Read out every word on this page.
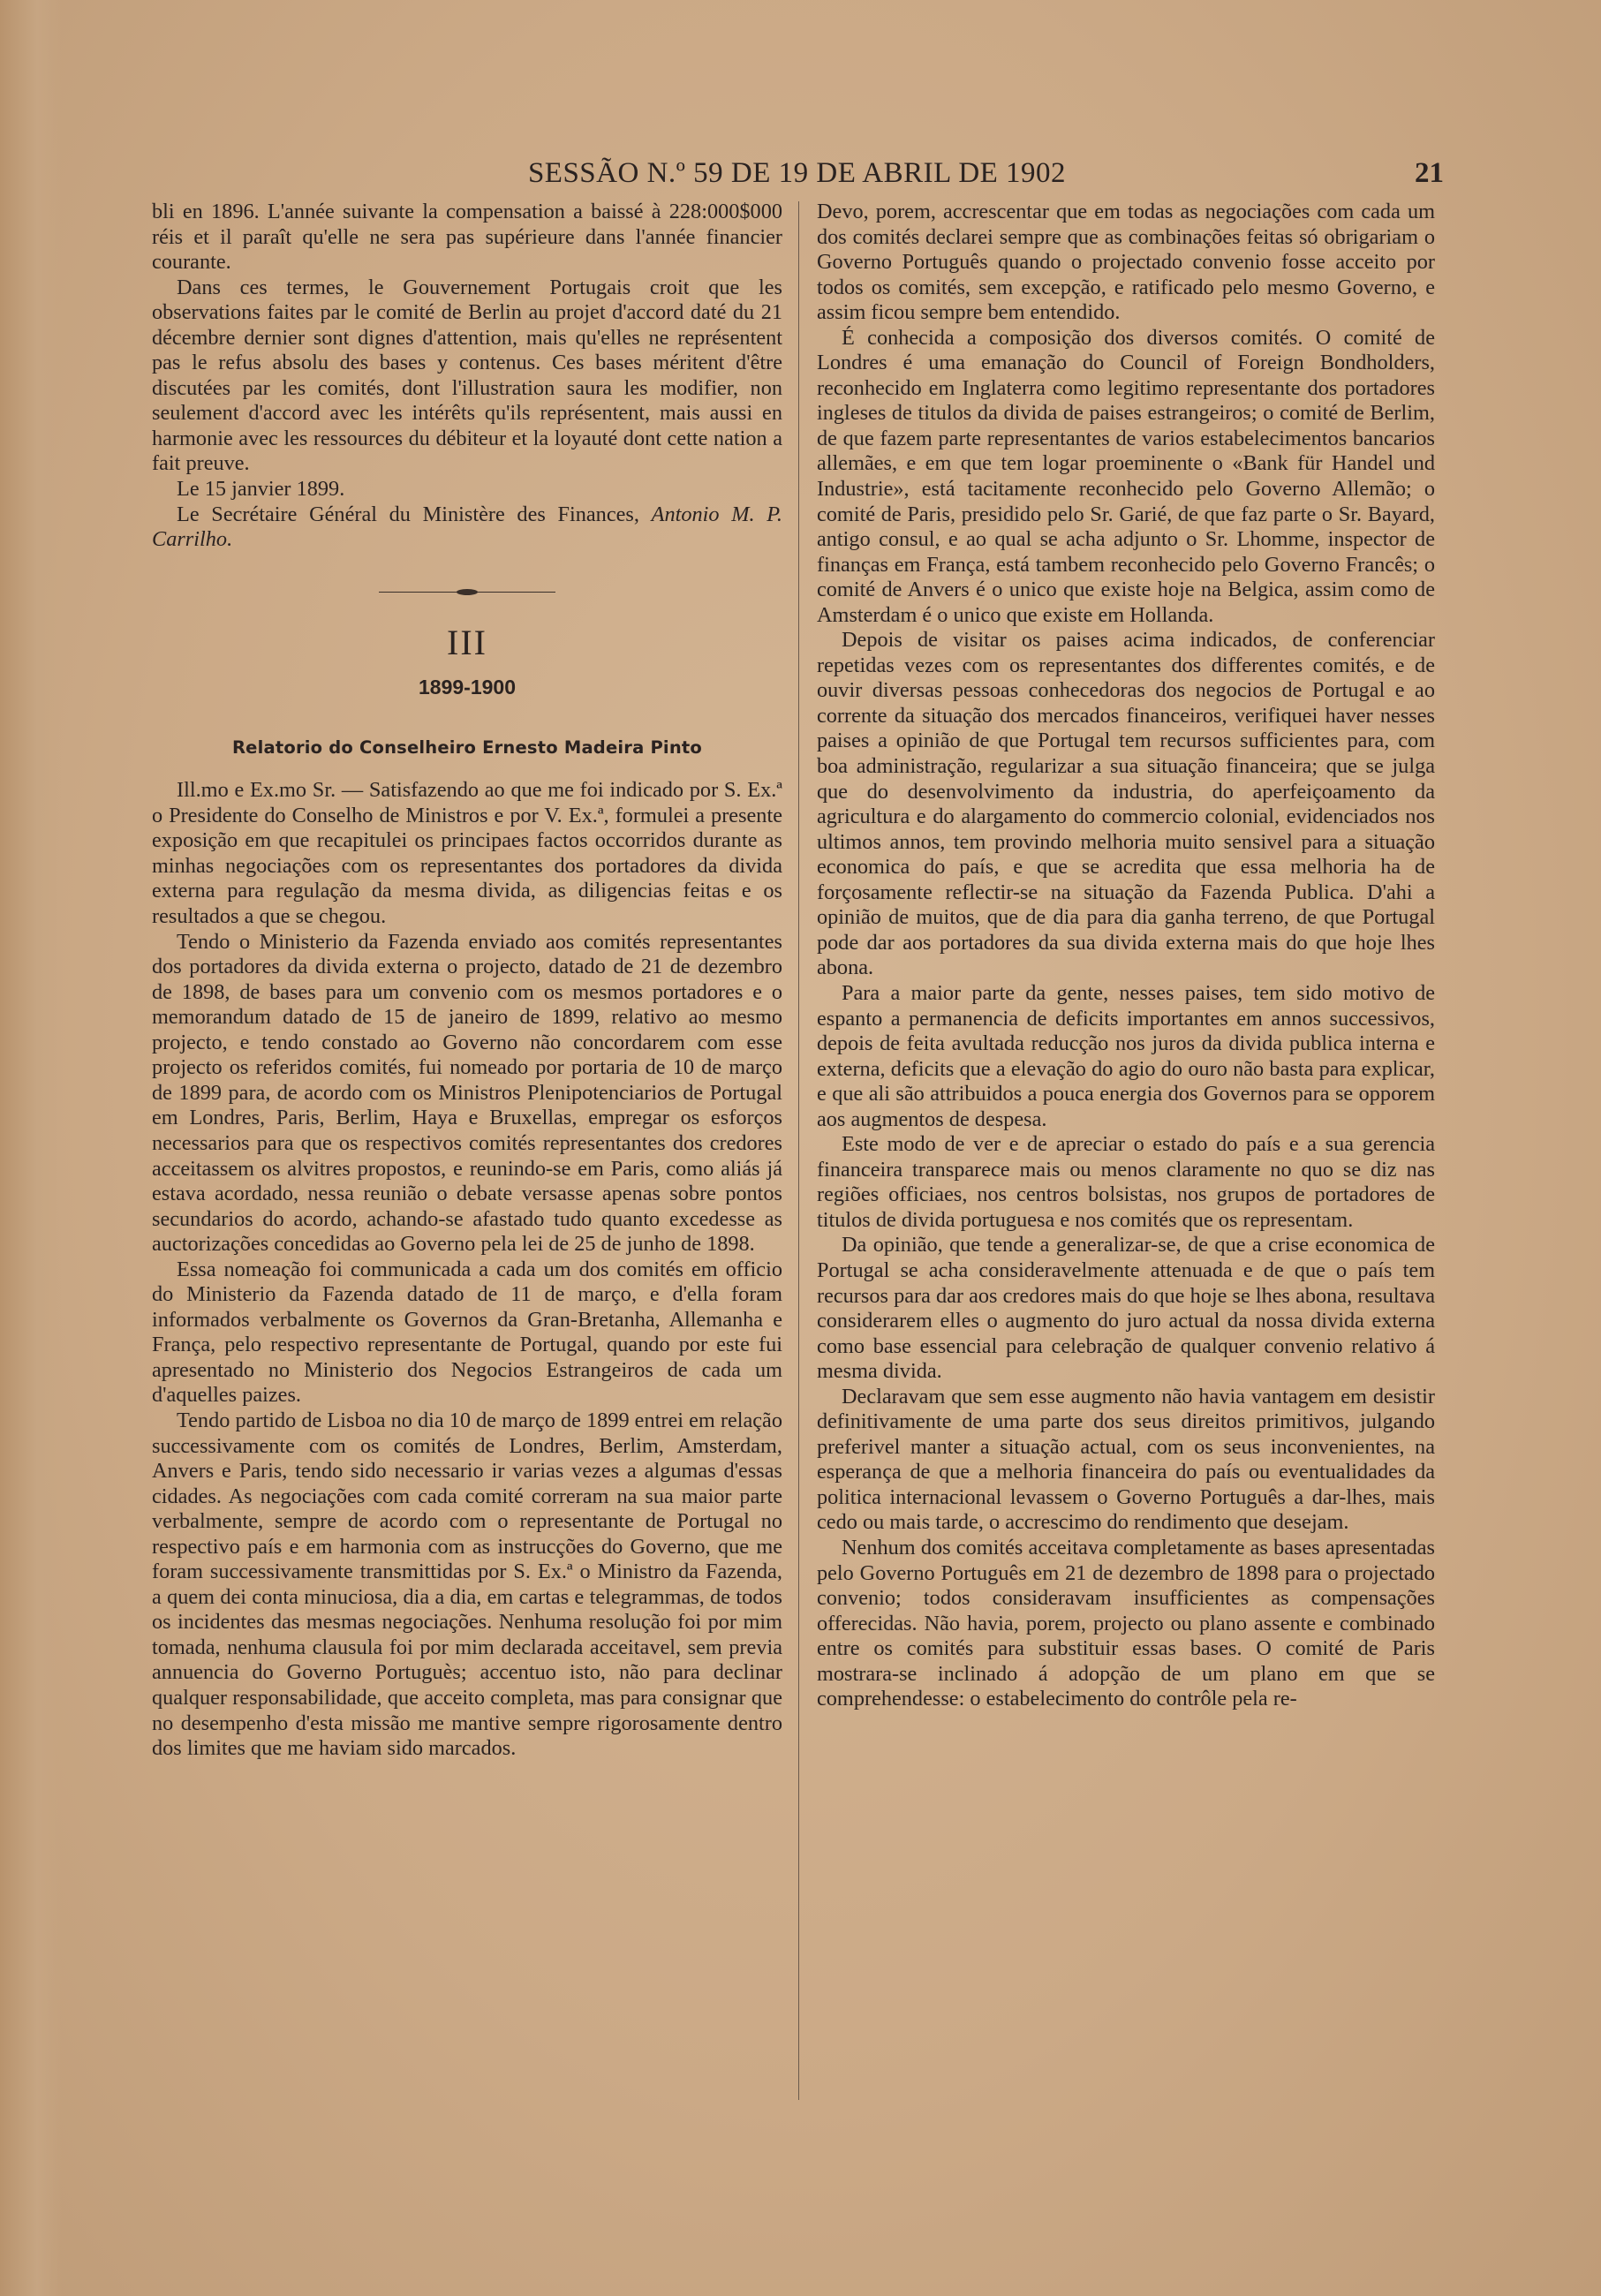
SESSÃO N.º 59 DE 19 DE ABRIL DE 1902	21

bli en 1896. L'année suivante la compensation a baissé à 228:000$000 réis et il paraît qu'elle ne sera pas supérieure dans l'année financier courante.

Dans ces termes, le Gouvernement Portugais croit que les observations faites par le comité de Berlin au projet d'accord daté du 21 décembre dernier sont dignes d'attention, mais qu'elles ne représentent pas le refus absolu des bases y contenus. Ces bases méritent d'être discutées par les comités, dont l'illustration saura les modifier, non seulement d'accord avec les intérêts qu'ils représentent, mais aussi en harmonie avec les ressources du débiteur et la loyauté dont cette nation a fait preuve.

Le 15 janvier 1899.

Le Secrétaire Général du Ministère des Finances, Antonio M. P. Carrilho.

III
1899-1900
Relatorio do Conselheiro Ernesto Madeira Pinto

Ill.mo e Ex.mo Sr. — Satisfazendo ao que me foi indicado por S. Ex.ª o Presidente do Conselho de Ministros e por V. Ex.ª, formulei a presente exposição em que recapitulei os principaes factos occorridos durante as minhas negociações com os representantes dos portadores da divida externa para regulação da mesma divida, as diligencias feitas e os resultados a que se chegou.

Tendo o Ministerio da Fazenda enviado aos comités representantes dos portadores da divida externa o projecto, datado de 21 de dezembro de 1898, de bases para um convenio com os mesmos portadores e o memorandum datado de 15 de janeiro de 1899, relativo ao mesmo projecto, e tendo constado ao Governo não concordarem com esse projecto os referidos comités, fui nomeado por portaria de 10 de março de 1899 para, de acordo com os Ministros Plenipotenciarios de Portugal em Londres, Paris, Berlim, Haya e Bruxellas, empregar os esforços necessarios para que os respectivos comités representantes dos credores acceitassem os alvitres propostos, e reunindo-se em Paris, como aliás já estava acordado, nessa reunião o debate versasse apenas sobre pontos secundarios do acordo, achando-se afastado tudo quanto excedesse as auctorizações concedidas ao Governo pela lei de 25 de junho de 1898.

Essa nomeação foi communicada a cada um dos comités em officio do Ministerio da Fazenda datado de 11 de março, e d'ella foram informados verbalmente os Governos da Gran-Bretanha, Allemanha e França, pelo respectivo representante de Portugal, quando por este fui apresentado no Ministerio dos Negocios Estrangeiros de cada um d'aquelles paizes.

Tendo partido de Lisboa no dia 10 de março de 1899 entrei em relação successivamente com os comités de Londres, Berlim, Amsterdam, Anvers e Paris, tendo sido necessario ir varias vezes a algumas d'essas cidades. As negociações com cada comité correram na sua maior parte verbalmente, sempre de acordo com o representante de Portugal no respectivo país e em harmonia com as instrucções do Governo, que me foram successivamente transmittidas por S. Ex.ª o Ministro da Fazenda, a quem dei conta minuciosa, dia a dia, em cartas e telegrammas, de todos os incidentes das mesmas negociações. Nenhuma resolução foi por mim tomada, nenhuma clausula foi por mim declarada acceitavel, sem previa annuencia do Governo Portuguès; accentuo isto, não para declinar qualquer responsabilidade, que acceito completa, mas para consignar que no desempenho d'esta missão me mantive sempre rigorosamente dentro dos limites que me haviam sido marcados.

Devo, porem, accrescentar que em todas as negociações com cada um dos comités declarei sempre que as combinações feitas só obrigariam o Governo Português quando o projectado convenio fosse acceito por todos os comités, sem excepção, e ratificado pelo mesmo Governo, e assim ficou sempre bem entendido.

É conhecida a composição dos diversos comités. O comité de Londres é uma emanação do Council of Foreign Bondholders, reconhecido em Inglaterra como legitimo representante dos portadores ingleses de titulos da divida de paises estrangeiros; o comité de Berlim, de que fazem parte representantes de varios estabelecimentos bancarios allemães, e em que tem logar proeminente o «Bank für Handel und Industrie», está tacitamente reconhecido pelo Governo Allemão; o comité de Paris, presidido pelo Sr. Garié, de que faz parte o Sr. Bayard, antigo consul, e ao qual se acha adjunto o Sr. Lhomme, inspector de finanças em França, está tambem reconhecido pelo Governo Francês; o comité de Anvers é o unico que existe hoje na Belgica, assim como de Amsterdam é o unico que existe em Hollanda.

Depois de visitar os paises acima indicados, de conferenciar repetidas vezes com os representantes dos differentes comités, e de ouvir diversas pessoas conhecedoras dos negocios de Portugal e ao corrente da situação dos mercados financeiros, verifiquei haver nesses paises a opinião de que Portugal tem recursos sufficientes para, com boa administração, regularizar a sua situação financeira; que se julga que do desenvolvimento da industria, do aperfeiçoamento da agricultura e do alargamento do commercio colonial, evidenciados nos ultimos annos, tem provindo melhoria muito sensivel para a situação economica do país, e que se acredita que essa melhoria ha de forçosamente reflectir-se na situação da Fazenda Publica. D'ahi a opinião de muitos, que de dia para dia ganha terreno, de que Portugal pode dar aos portadores da sua divida externa mais do que hoje lhes abona.

Para a maior parte da gente, nesses paises, tem sido motivo de espanto a permanencia de deficits importantes em annos successivos, depois de feita avultada reducção nos juros da divida publica interna e externa, deficits que a elevação do agio do ouro não basta para explicar, e que ali são attribuidos a pouca energia dos Governos para se opporem aos augmentos de despesa.

Este modo de ver e de apreciar o estado do país e a sua gerencia financeira transparece mais ou menos claramente no quo se diz nas regiões officiaes, nos centros bolsistas, nos grupos de portadores de titulos de divida portuguesa e nos comités que os representam.

Da opinião, que tende a generalizar-se, de que a crise economica de Portugal se acha consideravelmente attenuada e de que o país tem recursos para dar aos credores mais do que hoje se lhes abona, resultava considerarem elles o augmento do juro actual da nossa divida externa como base essencial para celebração de qualquer convenio relativo á mesma divida.

Declaravam que sem esse augmento não havia vantagem em desistir definitivamente de uma parte dos seus direitos primitivos, julgando preferivel manter a situação actual, com os seus inconvenientes, na esperança de que a melhoria financeira do país ou eventualidades da politica internacional levassem o Governo Português a dar-lhes, mais cedo ou mais tarde, o accrescimo do rendimento que desejam.

Nenhum dos comités acceitava completamente as bases apresentadas pelo Governo Português em 21 de dezembro de 1898 para o projectado convenio; todos consideravam insufficientes as compensações offerecidas. Não havia, porem, projecto ou plano assente e combinado entre os comités para substituir essas bases. O comité de Paris mostrara-se inclinado á adopção de um plano em que se comprehendesse: o estabelecimento do contrôle pela re-
